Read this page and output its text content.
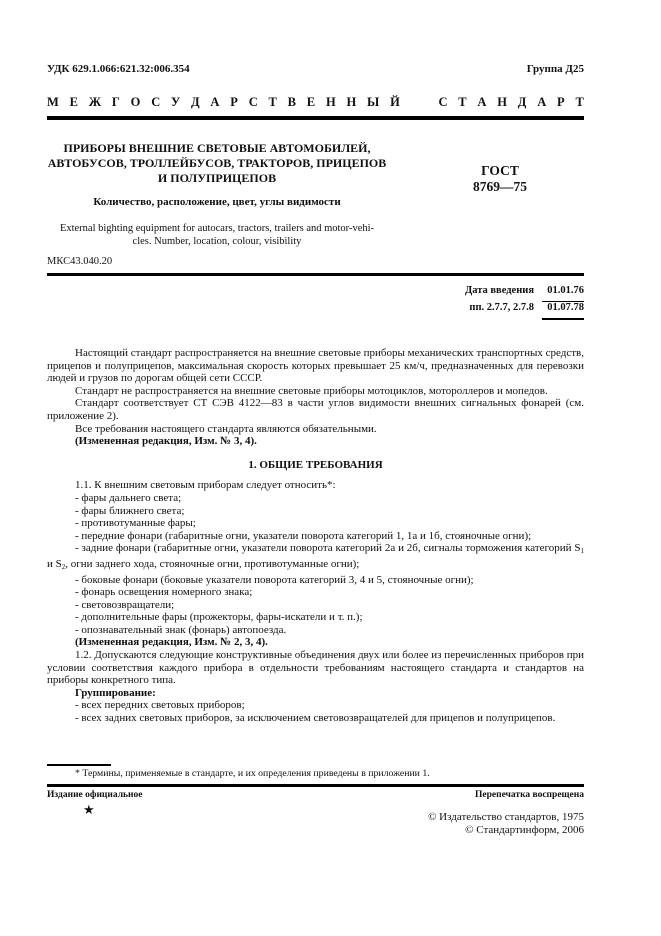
УДК 629.1.066:621.32:006.354	Группа Д25
М Е Ж Г О С У Д А Р С Т В Е Н Н Ы Й

	С Т А Н Д А Р Т
ПРИБОРЫ ВНЕШНИЕ СВЕТОВЫЕ АВТОМОБИЛЕЙ,
АВТОБУСОВ, ТРОЛЛЕЙБУСОВ, ТРАКТОРОВ, ПРИЦЕПОВ
И ПОЛУПРИЦЕПОВ
Количество, расположение, цвет, углы видимости
External bighting equipment for autocars, tractors, trailers and motor-vehi-
cles. Number, location, colour, visibility
ГОСТ
8769—75
МКС43.040.20
Дата введения	01.01.76
пп. 2.7.7, 2.7.8	01.07.78

Настоящий стандарт распространяется на внешние световые приборы механических транспортных средств, прицепов и полуприцепов, максимальная скорость которых превышает 25 км/ч, предназначенных для перевозки людей и грузов по дорогам общей сети СССР.

Стандарт не распространяется на внешние световые приборы мотоциклов, мотороллеров и мопедов.

Стандарт соответствует СТ СЭВ 4122—83 в части углов видимости внешних сигнальных фонарей (см. приложение 2).

Все требования настоящего стандарта являются обязательными.

(Измененная редакция, Изм. № 3, 4).

1. ОБЩИЕ ТРЕБОВАНИЯ

1.1. К внешним световым приборам следует относить*:

- фары дальнего света;

- фары ближнего света;

- противотуманные фары;

- передние фонари (габаритные огни, указатели поворота категорий 1, 1а и 1б, стояночные огни);

- задние фонари (габаритные огни, указатели поворота категорий 2а и 2б, сигналы торможения категорий $S_1$ и $S_2$, огни заднего хода, стояночные огни, противотуманные огни);

- боковые фонари (боковые указатели поворота категорий 3, 4 и 5, стояночные огни);

- фонарь освещения номерного знака;

- световозвращатели;

- дополнительные фары (прожекторы, фары-искатели и т. п.);

- опознавательный знак (фонарь) автопоезда.

(Измененная редакция, Изм. № 2, 3, 4).

1.2. Допускаются следующие конструктивные объединения двух или более из перечисленных приборов при условии соответствия каждого прибора в отдельности требованиям настоящего стандарта и стандартов на приборы конкретного типа.

Группирование:

- всех передних световых приборов;

- всех задних световых приборов, за исключением световозвращателей для прицепов и полуприцепов.

* Термины, применяемые в стандарте, и их определения приведены в приложении 1.
Издание официальное	Перепечатка воспрещена
★	© Издательство стандартов, 1975
© Стандартинформ, 2006
